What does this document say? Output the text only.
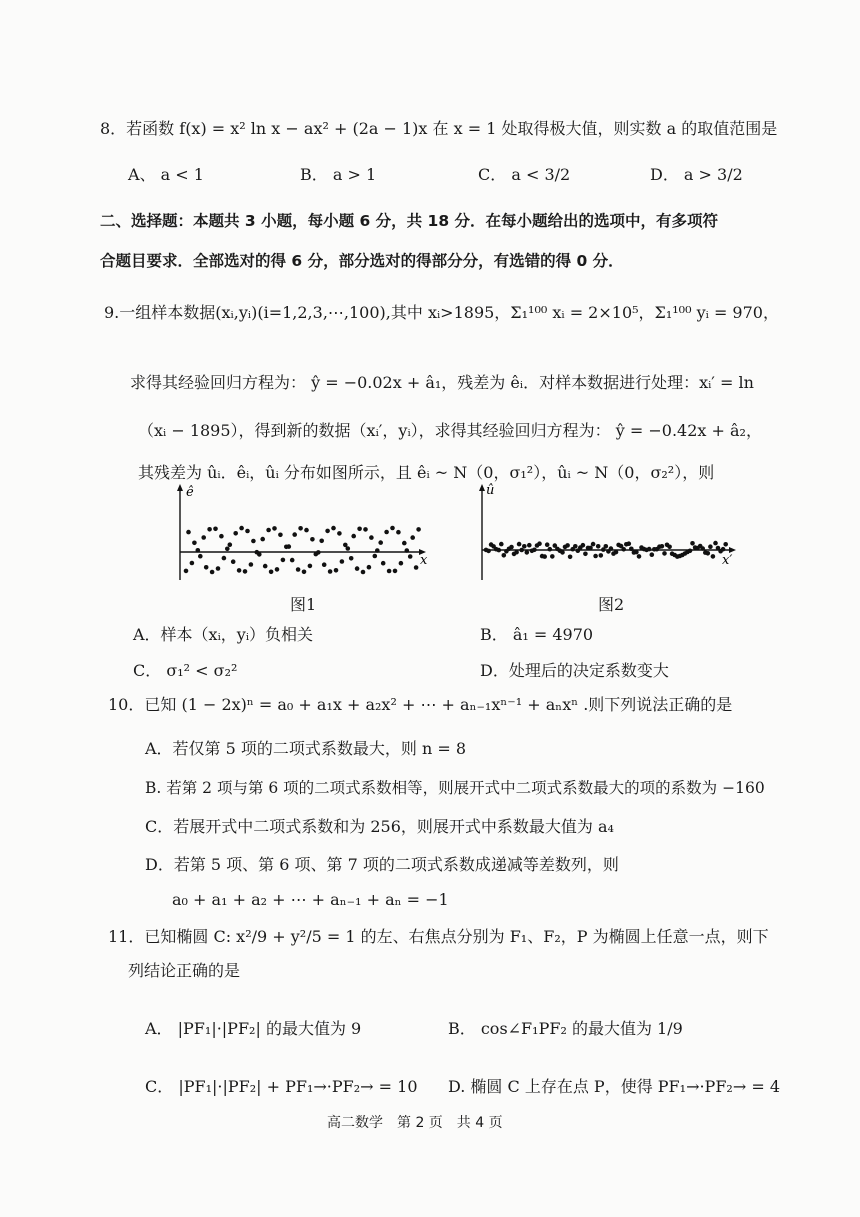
8．若函数 f(x) = x² ln x − ax² + (2a − 1)x 在 x = 1 处取得极大值，则实数 a 的取值范围是
A、 a < 1	B． a > 1	C． a < 3/2	D． a > 3/2
二、选择题：本题共 3 小题，每小题 6 分，共 18 分．在每小题给出的选项中，有多项符
合题目要求．全部选对的得 6 分，部分选对的得部分分，有选错的得 0 分．
9.一组样本数据(xᵢ,yᵢ)(i=1,2,3,⋯,100),其中 xᵢ>1895，Σ₁¹⁰⁰ xᵢ = 2×10⁵，Σ₁¹⁰⁰ yᵢ = 970，
求得其经验回归方程为： ŷ = −0.02x + â₁，残差为 êᵢ．对样本数据进行处理：xᵢ′ = ln
（xᵢ − 1895），得到新的数据（xᵢ′，yᵢ），求得其经验回归方程为： ŷ = −0.42x + â₂，
其残差为 ûᵢ．êᵢ，ûᵢ 分布如图所示，且 êᵢ ~ N（0，σ₁²），ûᵢ ~ N（0，σ₂²），则
ê
x
图1
û
x′
图2
A．样本（xᵢ，yᵢ）负相关	B． â₁ = 4970
C． σ₁² < σ₂²	D．处理后的决定系数变大
10．已知 (1 − 2x)ⁿ = a₀ + a₁x + a₂x² + ⋯ + aₙ₋₁xⁿ⁻¹ + aₙxⁿ .则下列说法正确的是
A．若仅第 5 项的二项式系数最大，则 n = 8
B. 若第 2 项与第 6 项的二项式系数相等，则展开式中二项式系数最大的项的系数为 −160
C．若展开式中二项式系数和为 256，则展开式中系数最大值为 a₄
D．若第 5 项、第 6 项、第 7 项的二项式系数成递减等差数列，则
a₀ + a₁ + a₂ + ⋯ + aₙ₋₁ + aₙ = −1
11．已知椭圆 C: x²/9 + y²/5 = 1 的左、右焦点分别为 F₁、F₂，P 为椭圆上任意一点，则下
列结论正确的是
A． |PF₁|·|PF₂| 的最大值为 9	B． cos∠F₁PF₂ 的最大值为 1/9
C． |PF₁|·|PF₂| + PF₁→·PF₂→ = 10 D. 椭圆 C 上存在点 P，使得 PF₁→·PF₂→ = 4
高二数学　第 2 页　共 4 页
